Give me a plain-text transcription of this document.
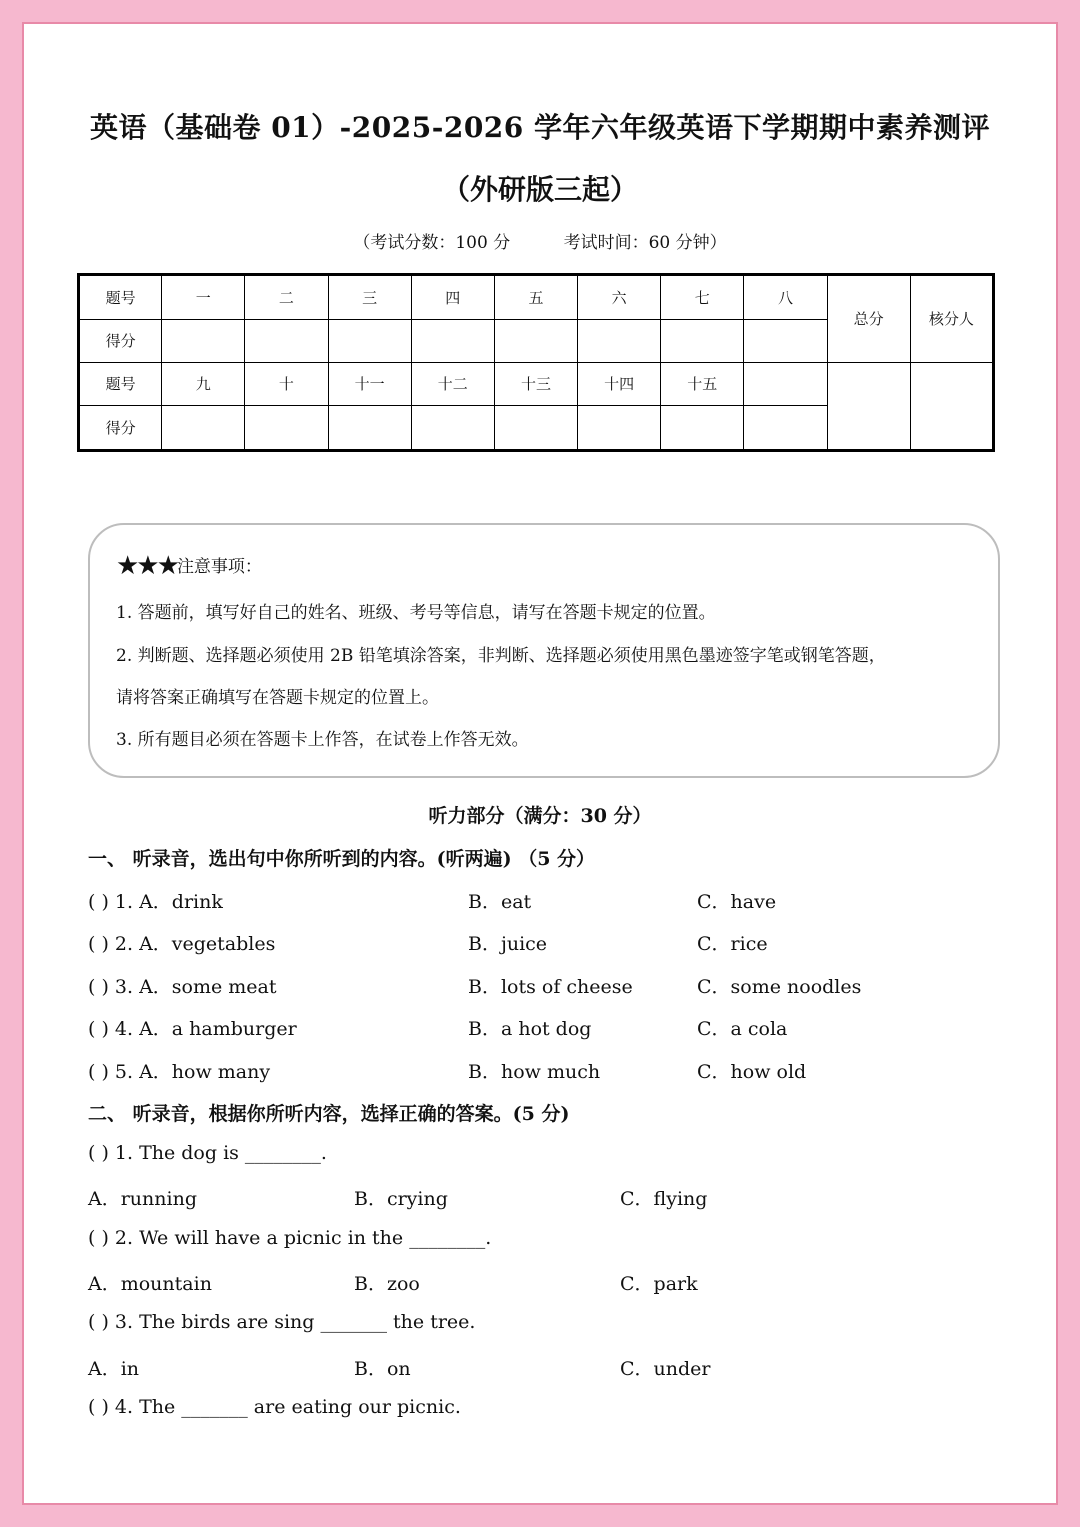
英语（基础卷 01）-2025-2026 学年六年级英语下学期期中素养测评
（外研版三起）
（考试分数：100 分	考试时间：60 分钟）
题号	一	二	三	四	五	六	七	八	总分	核分人
得分										
题号	九	十	十一	十二	十三	十四	十五			
得分										
★★★注意事项：
1. 答题前，填写好自己的姓名、班级、考号等信息，请写在答题卡规定的位置。
2. 判断题、选择题必须使用 2B 铅笔填涂答案，非判断、选择题必须使用黑色墨迹签字笔或钢笔答题，
请将答案正确填写在答题卡规定的位置上。
3. 所有题目必须在答题卡上作答，在试卷上作答无效。
听力部分（满分：30 分）
一、 听录音，选出句中你所听到的内容。(听两遍) （5 分）
( ) 1. A．drink	B．eat	C．have
( ) 2. A．vegetables	B．juice	C．rice
( ) 3. A．some meat	B．lots of cheese	C．some noodles
( ) 4. A．a hamburger	B．a hot dog	C．a cola
( ) 5. A．how many	B．how much	C．how old
二、 听录音，根据你所听内容，选择正确的答案。(5 分)
( ) 1. The dog is ________.
A．running	B．crying	C．flying
( ) 2. We will have a picnic in the ________.
A．mountain	B．zoo	C．park
( ) 3. The birds are sing _______ the tree.
A．in	B．on	C．under
( ) 4. The _______ are eating our picnic.
